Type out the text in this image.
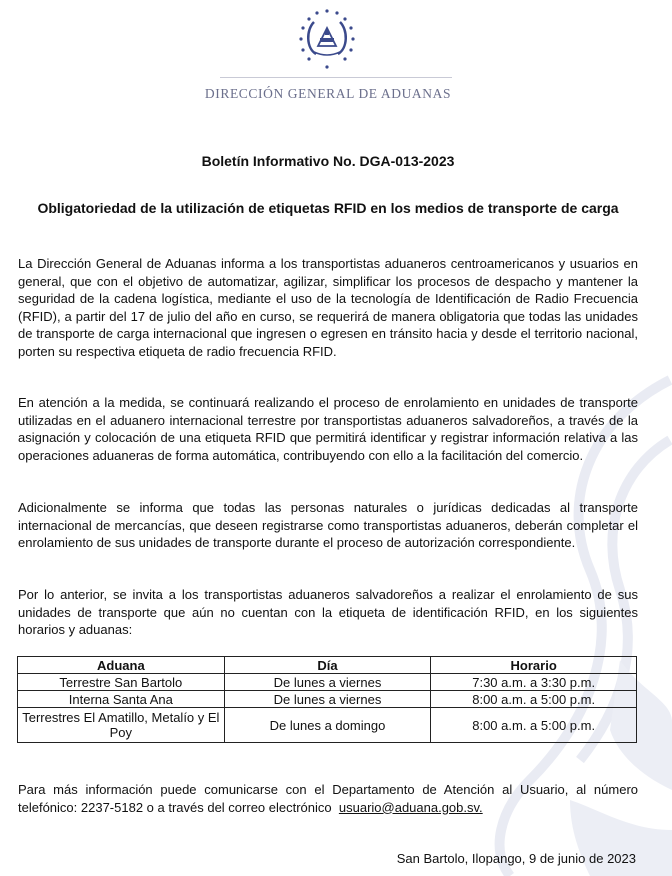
DIRECCIÓN GENERAL DE ADUANAS
Boletín Informativo No. DGA-013-2023
Obligatoriedad de la utilización de etiquetas RFID en los medios de transporte de carga

La Dirección General de Aduanas informa a los transportistas aduaneros centroamericanos y usuarios en general, que con el objetivo de automatizar, agilizar, simplificar los procesos de despacho y mantener la seguridad de la cadena logística, mediante el uso de la tecnología de Identificación de Radio Frecuencia (RFID), a partir del 17 de julio del año en curso, se requerirá de manera obligatoria que todas las unidades de transporte de carga internacional que ingresen o egresen en tránsito hacia y desde el territorio nacional, porten su respectiva etiqueta de radio frecuencia RFID.

En atención a la medida, se continuará realizando el proceso de enrolamiento en unidades de transporte utilizadas en el aduanero internacional terrestre por transportistas aduaneros salvadoreños, a través de la asignación y colocación de una etiqueta RFID que permitirá identificar y registrar información relativa a las operaciones aduaneras de forma automática, contribuyendo con ello a la facilitación del comercio.

Adicionalmente se informa que todas las personas naturales o jurídicas dedicadas al transporte internacional de mercancías, que deseen registrarse como transportistas aduaneros, deberán completar el enrolamiento de sus unidades de transporte durante el proceso de autorización correspondiente.

Por lo anterior, se invita a los transportistas aduaneros salvadoreños a realizar el enrolamiento de sus unidades de transporte que aún no cuentan con la etiqueta de identificación RFID, en los siguientes horarios y aduanas:

Aduana	Día	Horario
Terrestre San Bartolo	De lunes a viernes	7:30 a.m. a 3:30 p.m.
Interna Santa Ana	De lunes a viernes	8:00 a.m. a 5:00 p.m.
Terrestres El Amatillo, Metalío y El Poy	De lunes a domingo	8:00 a.m. a 5:00 p.m.

Para más información puede comunicarse con el Departamento de Atención al Usuario, al número telefónico: 2237-5182 o a través del correo electrónico usuario@aduana.gob.sv.

San Bartolo, Ilopango, 9 de junio de 2023
